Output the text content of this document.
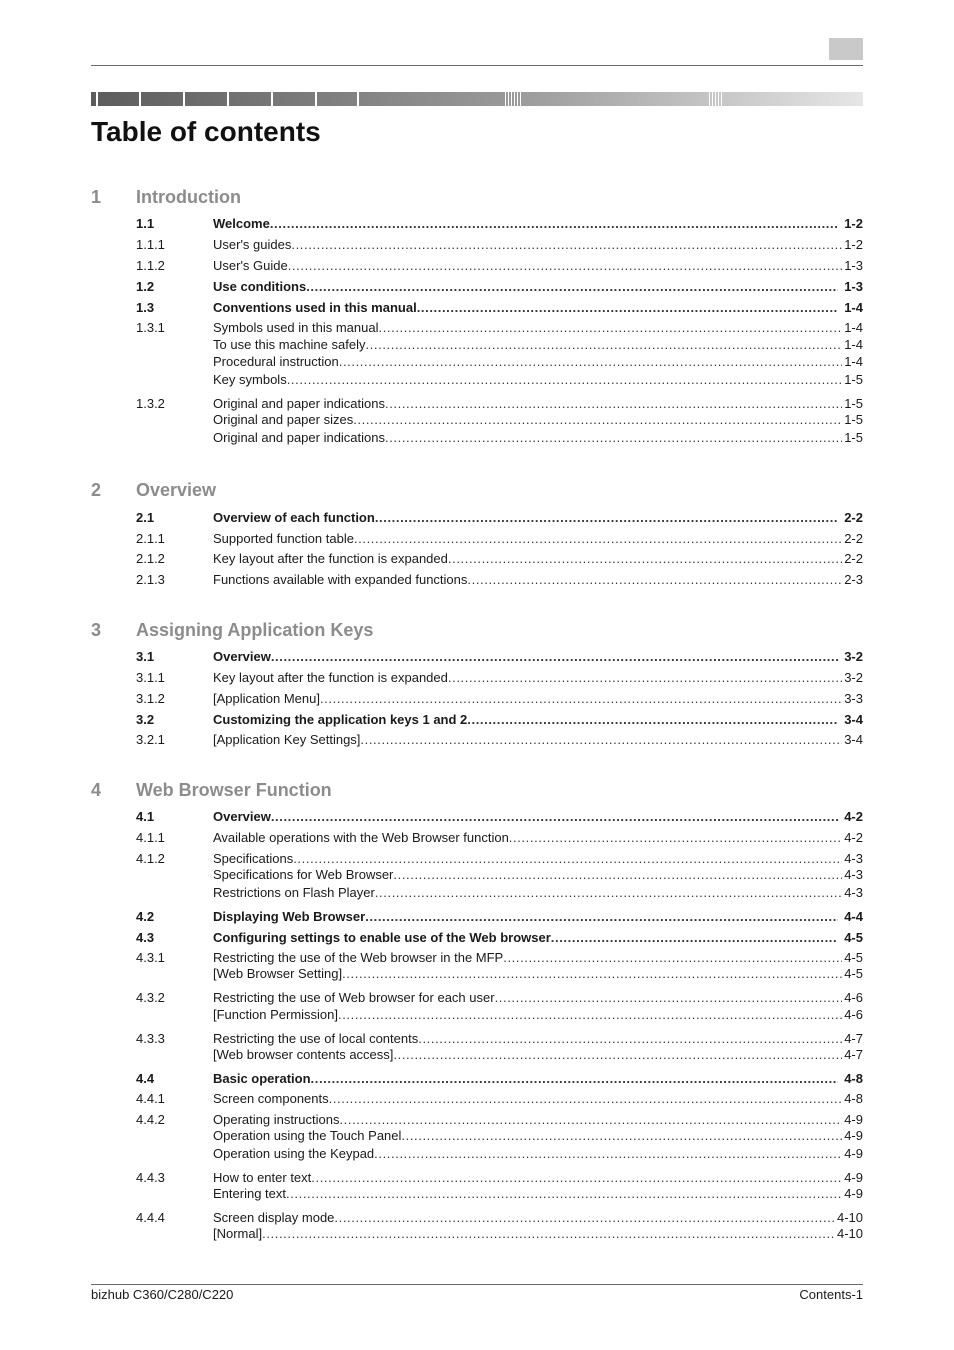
Table of contents
1 Introduction
1.1	Welcome .....	1-2
1.1.1	User's guides .....	1-2
1.1.2	User's Guide .....	1-3
1.2	Use conditions .....	1-3
1.3	Conventions used in this manual .....	1-4
1.3.1	Symbols used in this manual .....	1-4
To use this machine safely .....	1-4
Procedural instruction .....	1-4
Key symbols .....	1-5
1.3.2	Original and paper indications .....	1-5
Original and paper sizes .....	1-5
Original and paper indications .....	1-5
2 Overview
2.1	Overview of each function .....	2-2
2.1.1	Supported function table .....	2-2
2.1.2	Key layout after the function is expanded .....	2-2
2.1.3	Functions available with expanded functions .....	2-3
3 Assigning Application Keys
3.1	Overview .....	3-2
3.1.1	Key layout after the function is expanded .....	3-2
3.1.2	[Application Menu] .....	3-3
3.2	Customizing the application keys 1 and 2 .....	3-4
3.2.1	[Application Key Settings] .....	3-4
4 Web Browser Function
4.1	Overview .....	4-2
4.1.1	Available operations with the Web Browser function .....	4-2
4.1.2	Specifications .....	4-3
Specifications for Web Browser .....	4-3
Restrictions on Flash Player .....	4-3
4.2	Displaying Web Browser .....	4-4
4.3	Configuring settings to enable use of the Web browser .....	4-5
4.3.1	Restricting the use of the Web browser in the MFP .....	4-5
[Web Browser Setting] .....	4-5
4.3.2	Restricting the use of Web browser for each user .....	4-6
[Function Permission] .....	4-6
4.3.3	Restricting the use of local contents .....	4-7
[Web browser contents access] .....	4-7
4.4	Basic operation .....	4-8
4.4.1	Screen components .....	4-8
4.4.2	Operating instructions .....	4-9
Operation using the Touch Panel .....	4-9
Operation using the Keypad .....	4-9
4.4.3	How to enter text .....	4-9
Entering text .....	4-9
4.4.4	Screen display mode .....	4-10
[Normal] .....	4-10
bizhub C360/C280/C220	Contents-1
